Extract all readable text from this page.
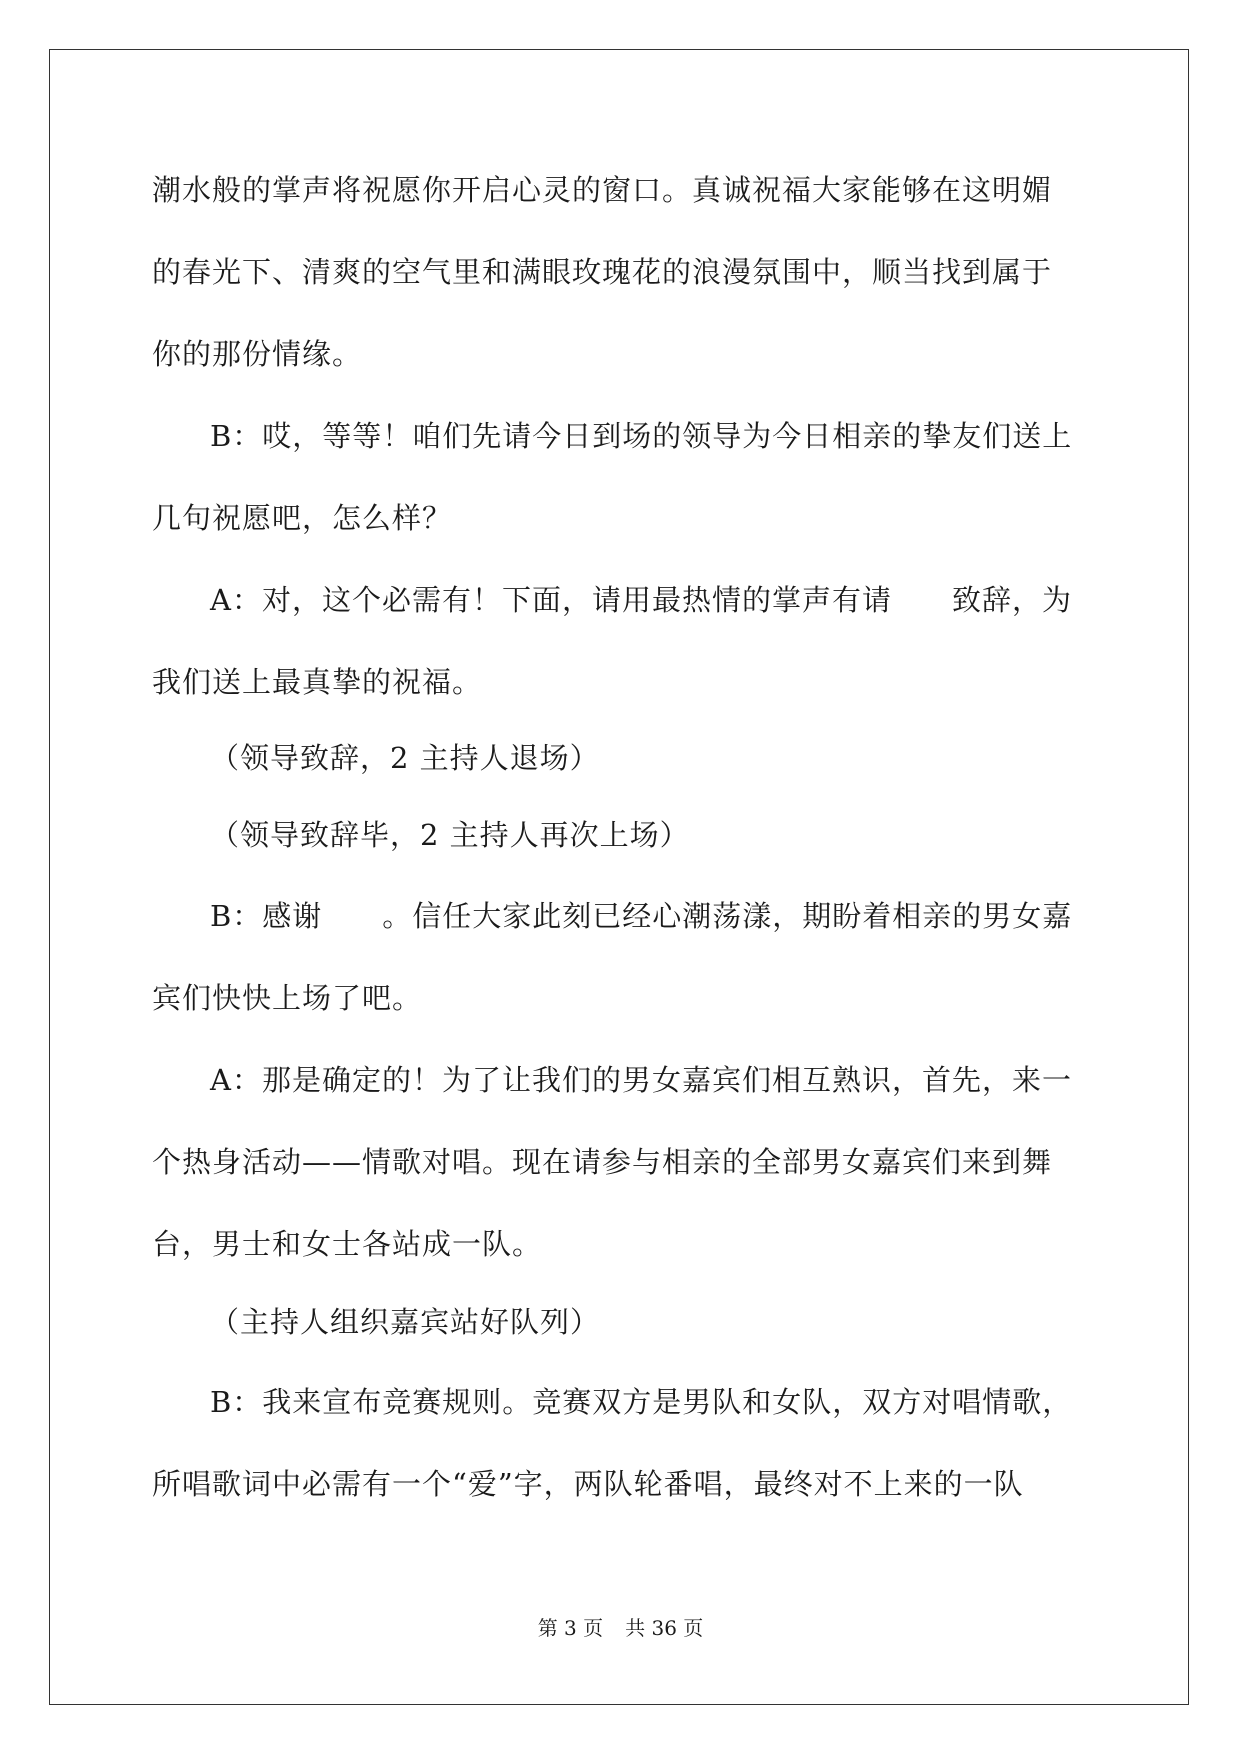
潮水般的掌声将祝愿你开启心灵的窗口。真诚祝福大家能够在这明媚
的春光下、清爽的空气里和满眼玫瑰花的浪漫氛围中，顺当找到属于
你的那份情缘。
B：哎，等等！咱们先请今日到场的领导为今日相亲的挚友们送上
几句祝愿吧，怎么样？
A：对，这个必需有！下面，请用最热情的掌声有请　　致辞，为
我们送上最真挚的祝福。
（领导致辞，2 主持人退场）
（领导致辞毕，2 主持人再次上场）
B：感谢　　。信任大家此刻已经心潮荡漾，期盼着相亲的男女嘉
宾们快快上场了吧。
A：那是确定的！为了让我们的男女嘉宾们相互熟识，首先，来一
个热身活动——情歌对唱。现在请参与相亲的全部男女嘉宾们来到舞
台，男士和女士各站成一队。
（主持人组织嘉宾站好队列）
B：我来宣布竞赛规则。竞赛双方是男队和女队，双方对唱情歌，
所唱歌词中必需有一个“爱”字，两队轮番唱，最终对不上来的一队
第 3 页 共 36 页
